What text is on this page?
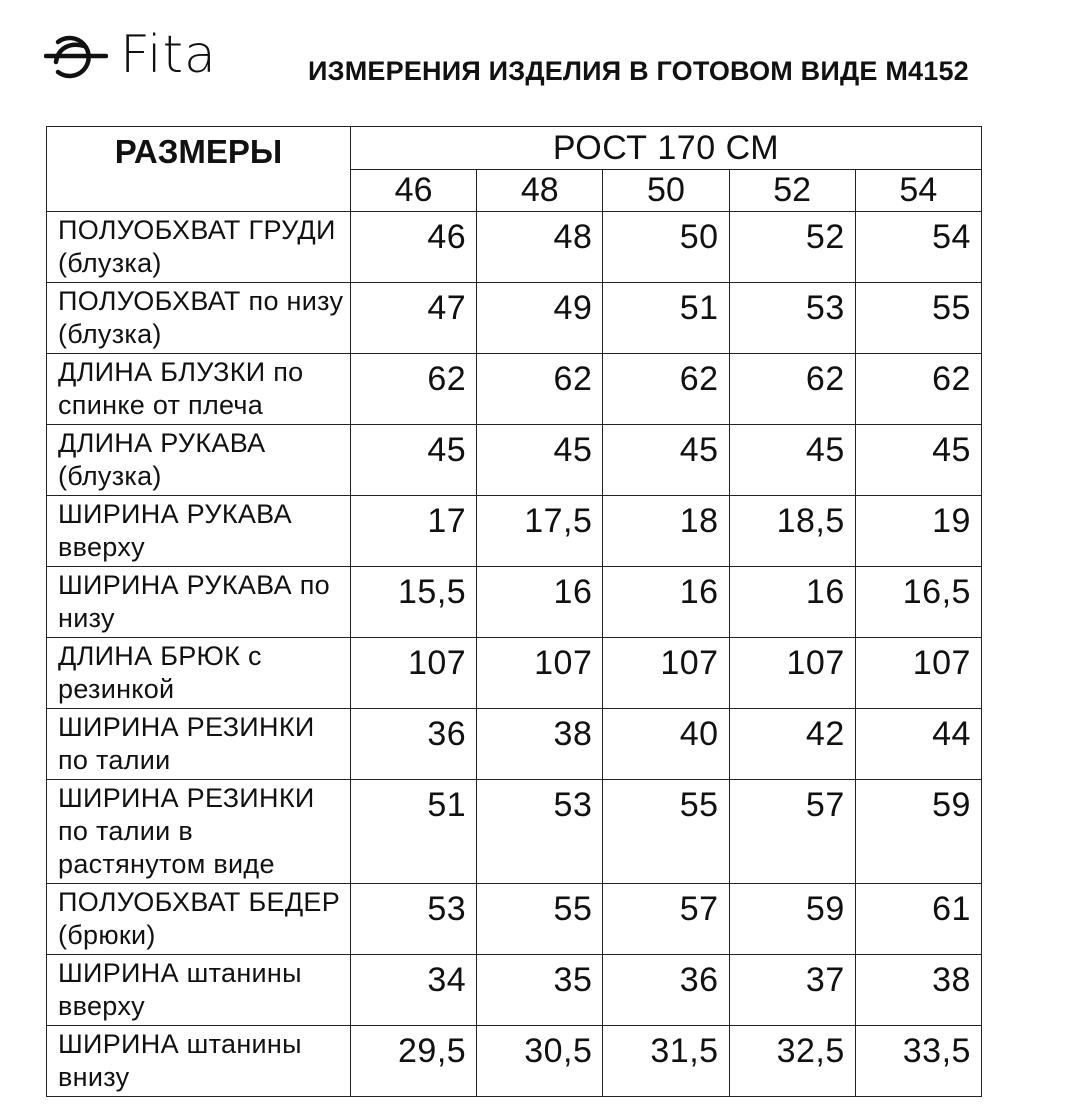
Fita	ИЗМЕРЕНИЯ ИЗДЕЛИЯ В ГОТОВОМ ВИДЕ М4152
РАЗМЕРЫ	РОСТ 170 СМ				
	46	48	50	52	54
ПОЛУОБХВАТ ГРУДИ (блузка)	46	48	50	52	54
ПОЛУОБХВАТ по низу (блузка)	47	49	51	53	55
ДЛИНА БЛУЗКИ по спинке от плеча	62	62	62	62	62
ДЛИНА РУКАВА (блузка)	45	45	45	45	45
ШИРИНА РУКАВА вверху	17	17,5	18	18,5	19
ШИРИНА РУКАВА по низу	15,5	16	16	16	16,5
ДЛИНА БРЮК с резинкой	107	107	107	107	107
ШИРИНА РЕЗИНКИ по талии	36	38	40	42	44
ШИРИНА РЕЗИНКИ по талии в растянутом виде	51	53	55	57	59
ПОЛУОБХВАТ БЕДЕР (брюки)	53	55	57	59	61
ШИРИНА штанины вверху	34	35	36	37	38
ШИРИНА штанины внизу	29,5	30,5	31,5	32,5	33,5
